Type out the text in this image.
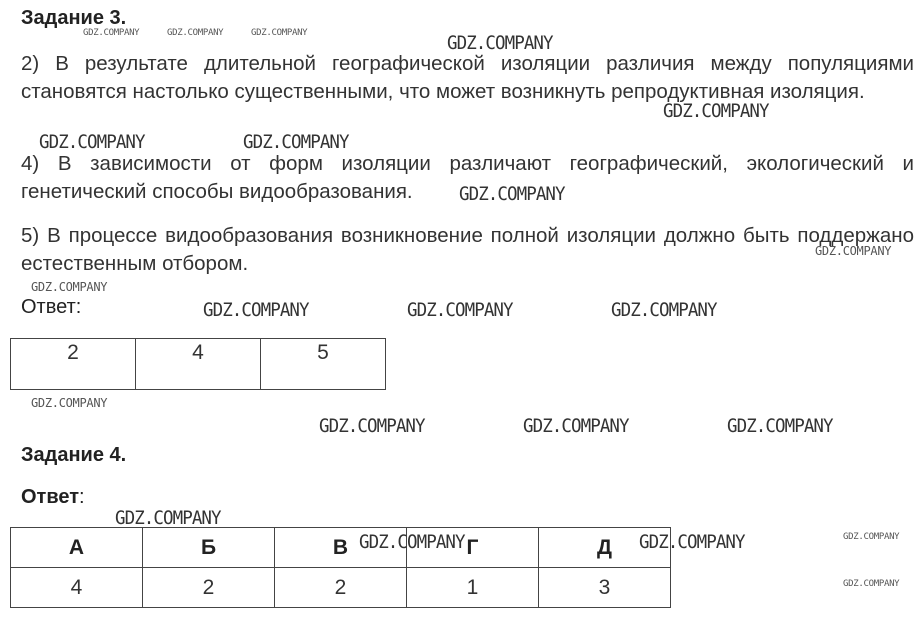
Задание 3.
2) В результате длительной географической изоляции различия между популяциями становятся настолько существенными, что может возникнуть репродуктивная изоляция.
4) В зависимости от форм изоляции различают географический, экологический и генетический способы видообразования.
5) В процессе видообразования возникновение полной изоляции должно быть поддержано естественным отбором.
Ответ:
2	4	5
Задание 4.
Ответ:
А	Б	В	Г	Д
4	2	2	1	3
GDZ.COMPANY
GDZ.COMPANY
GDZ.COMPANY	GDZ.COMPANY
GDZ.COMPANY
GDZ.COMPANY	GDZ.COMPANY	GDZ.COMPANY
GDZ.COMPANY	GDZ.COMPANY	GDZ.COMPANY
GDZ.COMPANY
GDZ.COMPANY	GDZ.COMPANY
GDZ.COMPANY	GDZ.COMPANY	GDZ.COMPANY
GDZ.COMPANY
GDZ.COMPANY
GDZ.COMPANY
GDZ.COMPANY
GDZ.COMPANY
